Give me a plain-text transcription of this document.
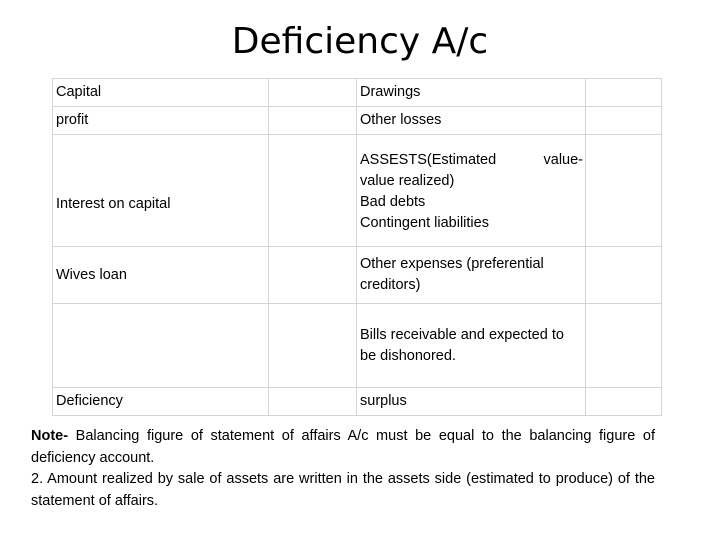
Deficiency A/c
Capital		Drawings	
profit		Other losses	
Interest on capital		ASSESTS(Estimated value-
value realized)
Bad debts
Contingent liabilities	

Wives loan		Other expenses (preferential
creditors)	

		Bills receivable and expected to
be dishonored.	

Deficiency		surplus	

Note- Balancing figure of statement of affairs A/c must be equal to the balancing figure of deficiency account.

2. Amount realized by sale of assets are written in the assets side (estimated to produce) of the statement of affairs.
